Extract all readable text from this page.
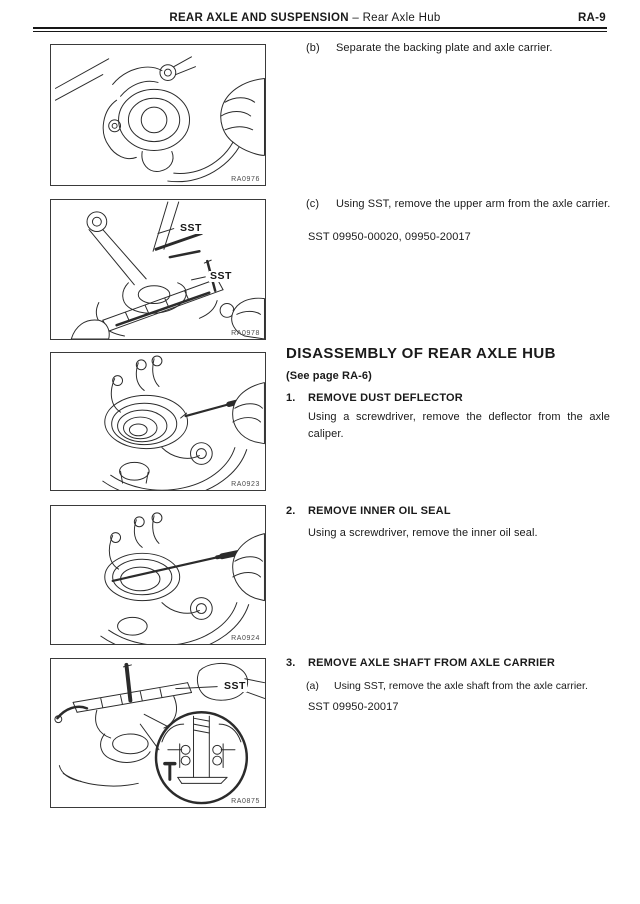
REAR AXLE AND SUSPENSION – Rear Axle Hub	RA-9
RA0976
SST
SST
RA0978
RA0923
RA0924
SST
RA0875
(b)	Separate the backing plate and axle carrier.
(c)	Using SST, remove the upper arm from the axle carrier.
SST 09950-00020, 09950-20017
DISASSEMBLY OF REAR AXLE HUB
(See page RA-6)
1.	REMOVE DUST DEFLECTOR
Using a screwdriver, remove the deflector from the axle caliper.
2.	REMOVE INNER OIL SEAL
Using a screwdriver, remove the inner oil seal.
3.	REMOVE AXLE SHAFT FROM AXLE CARRIER
(a)	Using SST, remove the axle shaft from the axle carrier.
SST 09950-20017
